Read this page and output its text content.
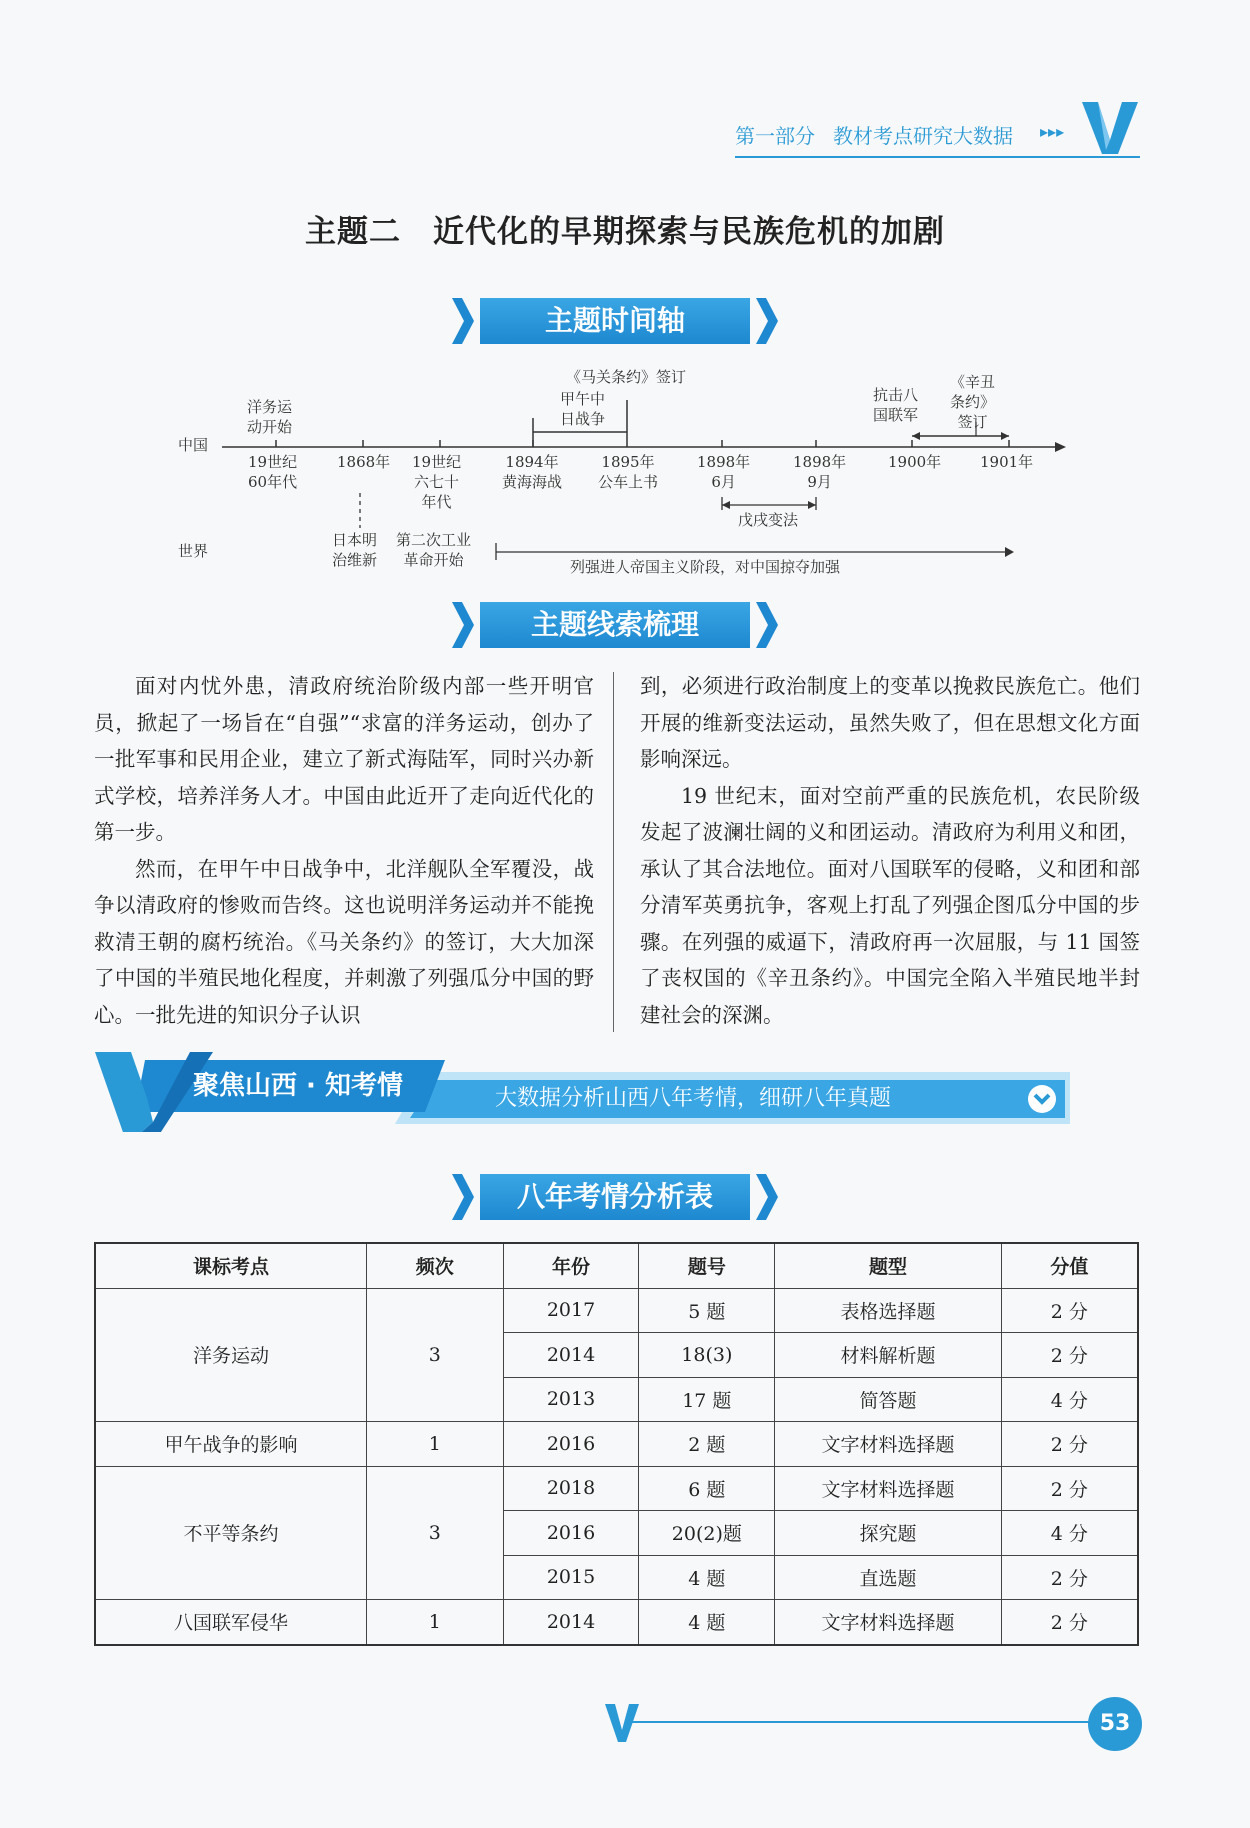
第一部分 教材考点研究大数据 ▸▸▸
主题二　近代化的早期探索与民族危机的加剧
主题时间轴
中国
世界
洋务运
动开始
《马关条约》签订
甲午中
日战争
抗击八
国联军
《辛丑
条约》
签订
19世纪
60年代
1868年 19世纪
六七十
年代
1894年
黄海海战
1895年
公车上书
1898年
6月
1898年
9月
1900年	1901年
戊戌变法
日本明
治维新
第二次工业
革命开始	列强进人帝国主义阶段，对中国掠夺加强
主题线索梳理

面对内忧外患，清政府统治阶级内部一些开明官员，掀起了一场旨在“自强”“求富的洋务运动，创办了一批军事和民用企业，建立了新式海陆军，同时兴办新式学校，培养洋务人才。中国由此近开了走向近代化的第一步。

然而，在甲午中日战争中，北洋舰队全军覆没，战争以清政府的惨败而告终。这也说明洋务运动并不能挽救清王朝的腐朽统治。《马关条约》的签订，大大加深了中国的半殖民地化程度，并刺激了列强瓜分中国的野心。一批先进的知识分子认识

到，必须进行政治制度上的变革以挽救民族危亡。他们开展的维新变法运动，虽然失败了，但在思想文化方面影响深远。

19 世纪末，面对空前严重的民族危机，农民阶级发起了波澜壮阔的义和团运动。清政府为利用义和团，承认了其合法地位。面对八国联军的侵略，义和团和部分清军英勇抗争，客观上打乱了列强企图瓜分中国的步骤。在列强的威逼下，清政府再一次屈服，与 11 国签了丧权国的《辛丑条约》。中国完全陷入半殖民地半封建社会的深渊。

聚焦山西 · 知考情	大数据分析山西八年考情，细研八年真题
八年考情分析表
课标考点	频次	年份	题号	题型	分值
洋务运动	3	2017	5 题	表格选择题	2 分
		2014	18(3)	材料解析题	2 分
		2013	17 题	简答题	4 分
甲午战争的影响	1	2016	2 题	文字材料选择题	2 分
不平等条约	3	2018	6 题	文字材料选择题	2 分
		2016	20(2)题	探究题	4 分
		2015	4 题	直选题	2 分
八国联军侵华	1	2014	4 题	文字材料选择题	2 分
53
